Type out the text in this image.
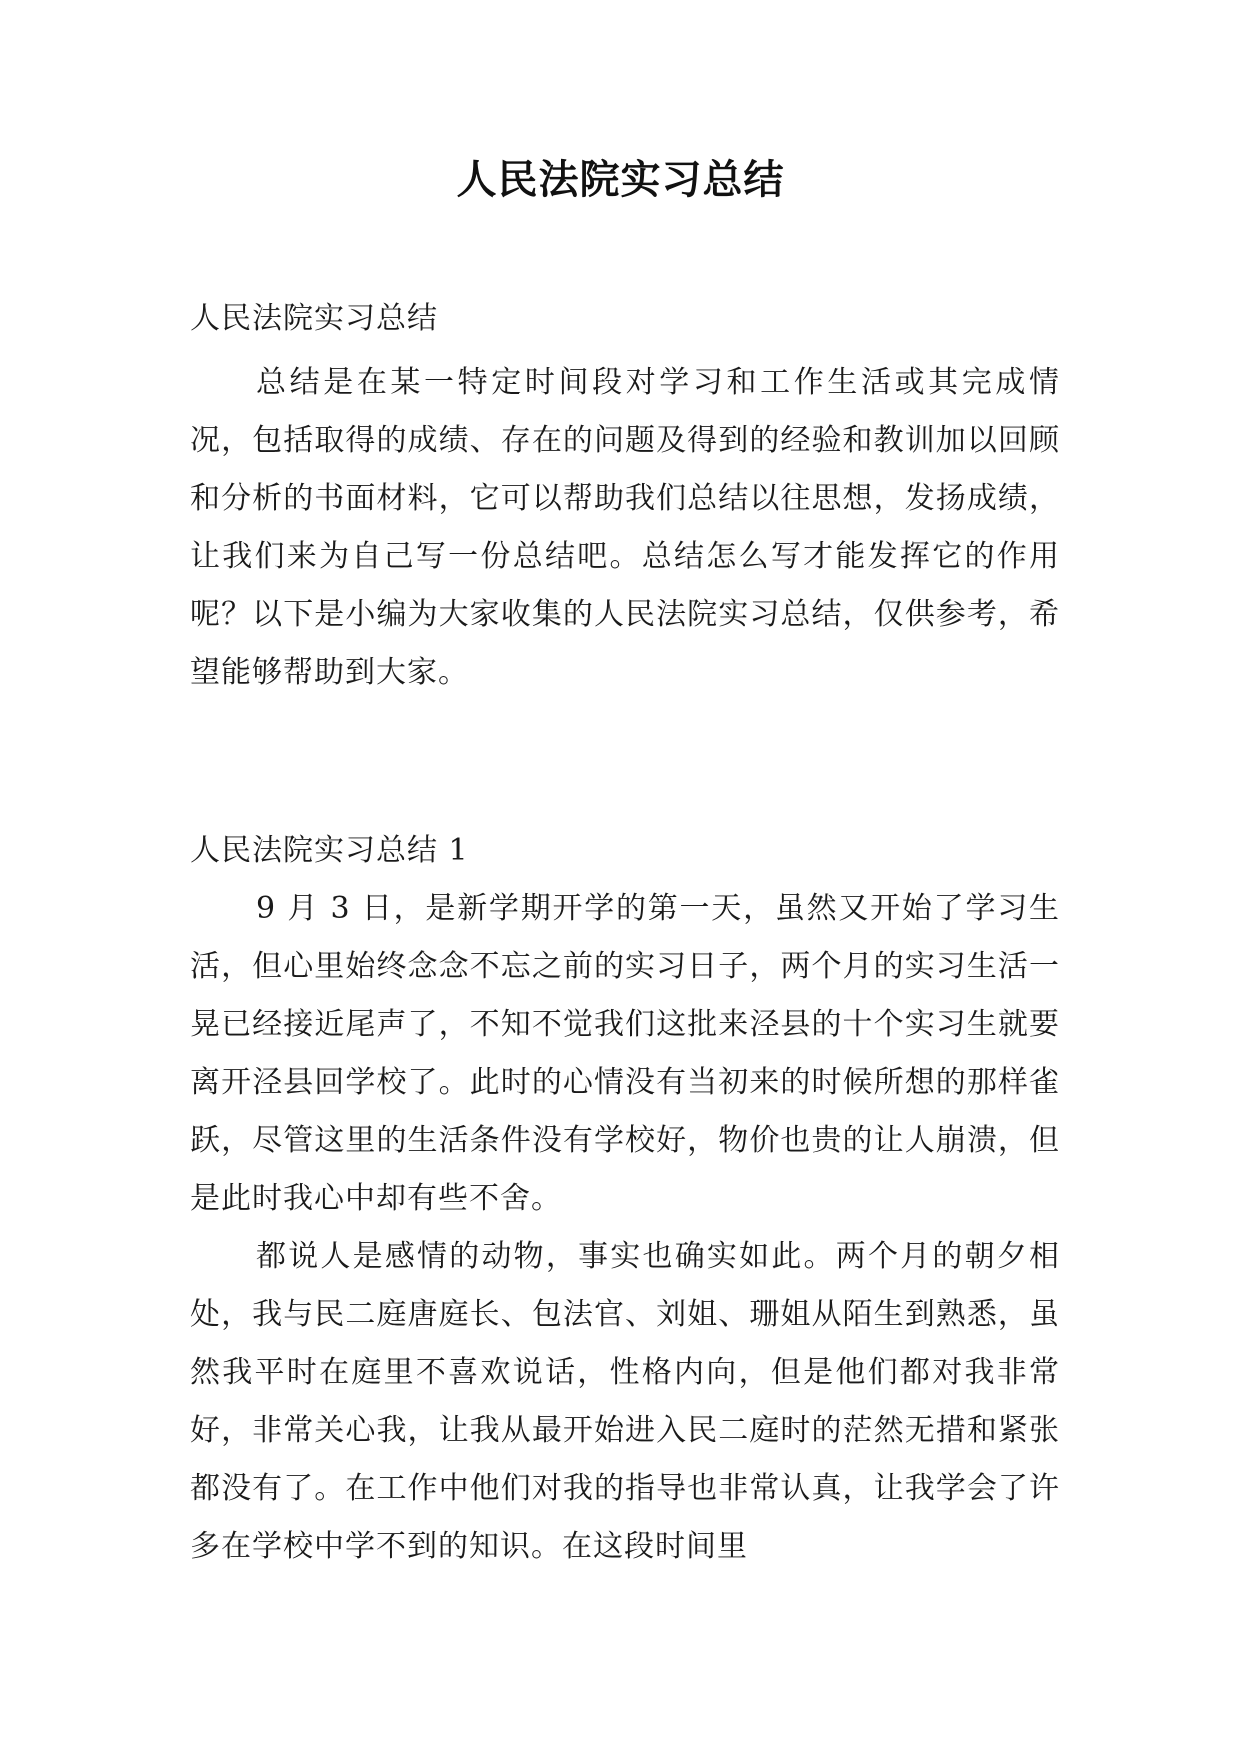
人民法院实习总结

人民法院实习总结

总结是在某一特定时间段对学习和工作生活或其完成情况，包括取得的成绩、存在的问题及得到的经验和教训加以回顾和分析的书面材料，它可以帮助我们总结以往思想，发扬成绩，让我们来为自己写一份总结吧。总结怎么写才能发挥它的作用呢？以下是小编为大家收集的人民法院实习总结，仅供参考，希望能够帮助到大家。

人民法院实习总结 1

9 月 3 日，是新学期开学的第一天，虽然又开始了学习生活，但心里始终念念不忘之前的实习日子，两个月的实习生活一晃已经接近尾声了，不知不觉我们这批来泾县的十个实习生就要离开泾县回学校了。此时的心情没有当初来的时候所想的那样雀跃，尽管这里的生活条件没有学校好，物价也贵的让人崩溃，但是此时我心中却有些不舍。

都说人是感情的动物，事实也确实如此。两个月的朝夕相处，我与民二庭唐庭长、包法官、刘姐、珊姐从陌生到熟悉，虽然我平时在庭里不喜欢说话，性格内向，但是他们都对我非常好，非常关心我，让我从最开始进入民二庭时的茫然无措和紧张都没有了。在工作中他们对我的指导也非常认真，让我学会了许多在学校中学不到的知识。在这段时间里
